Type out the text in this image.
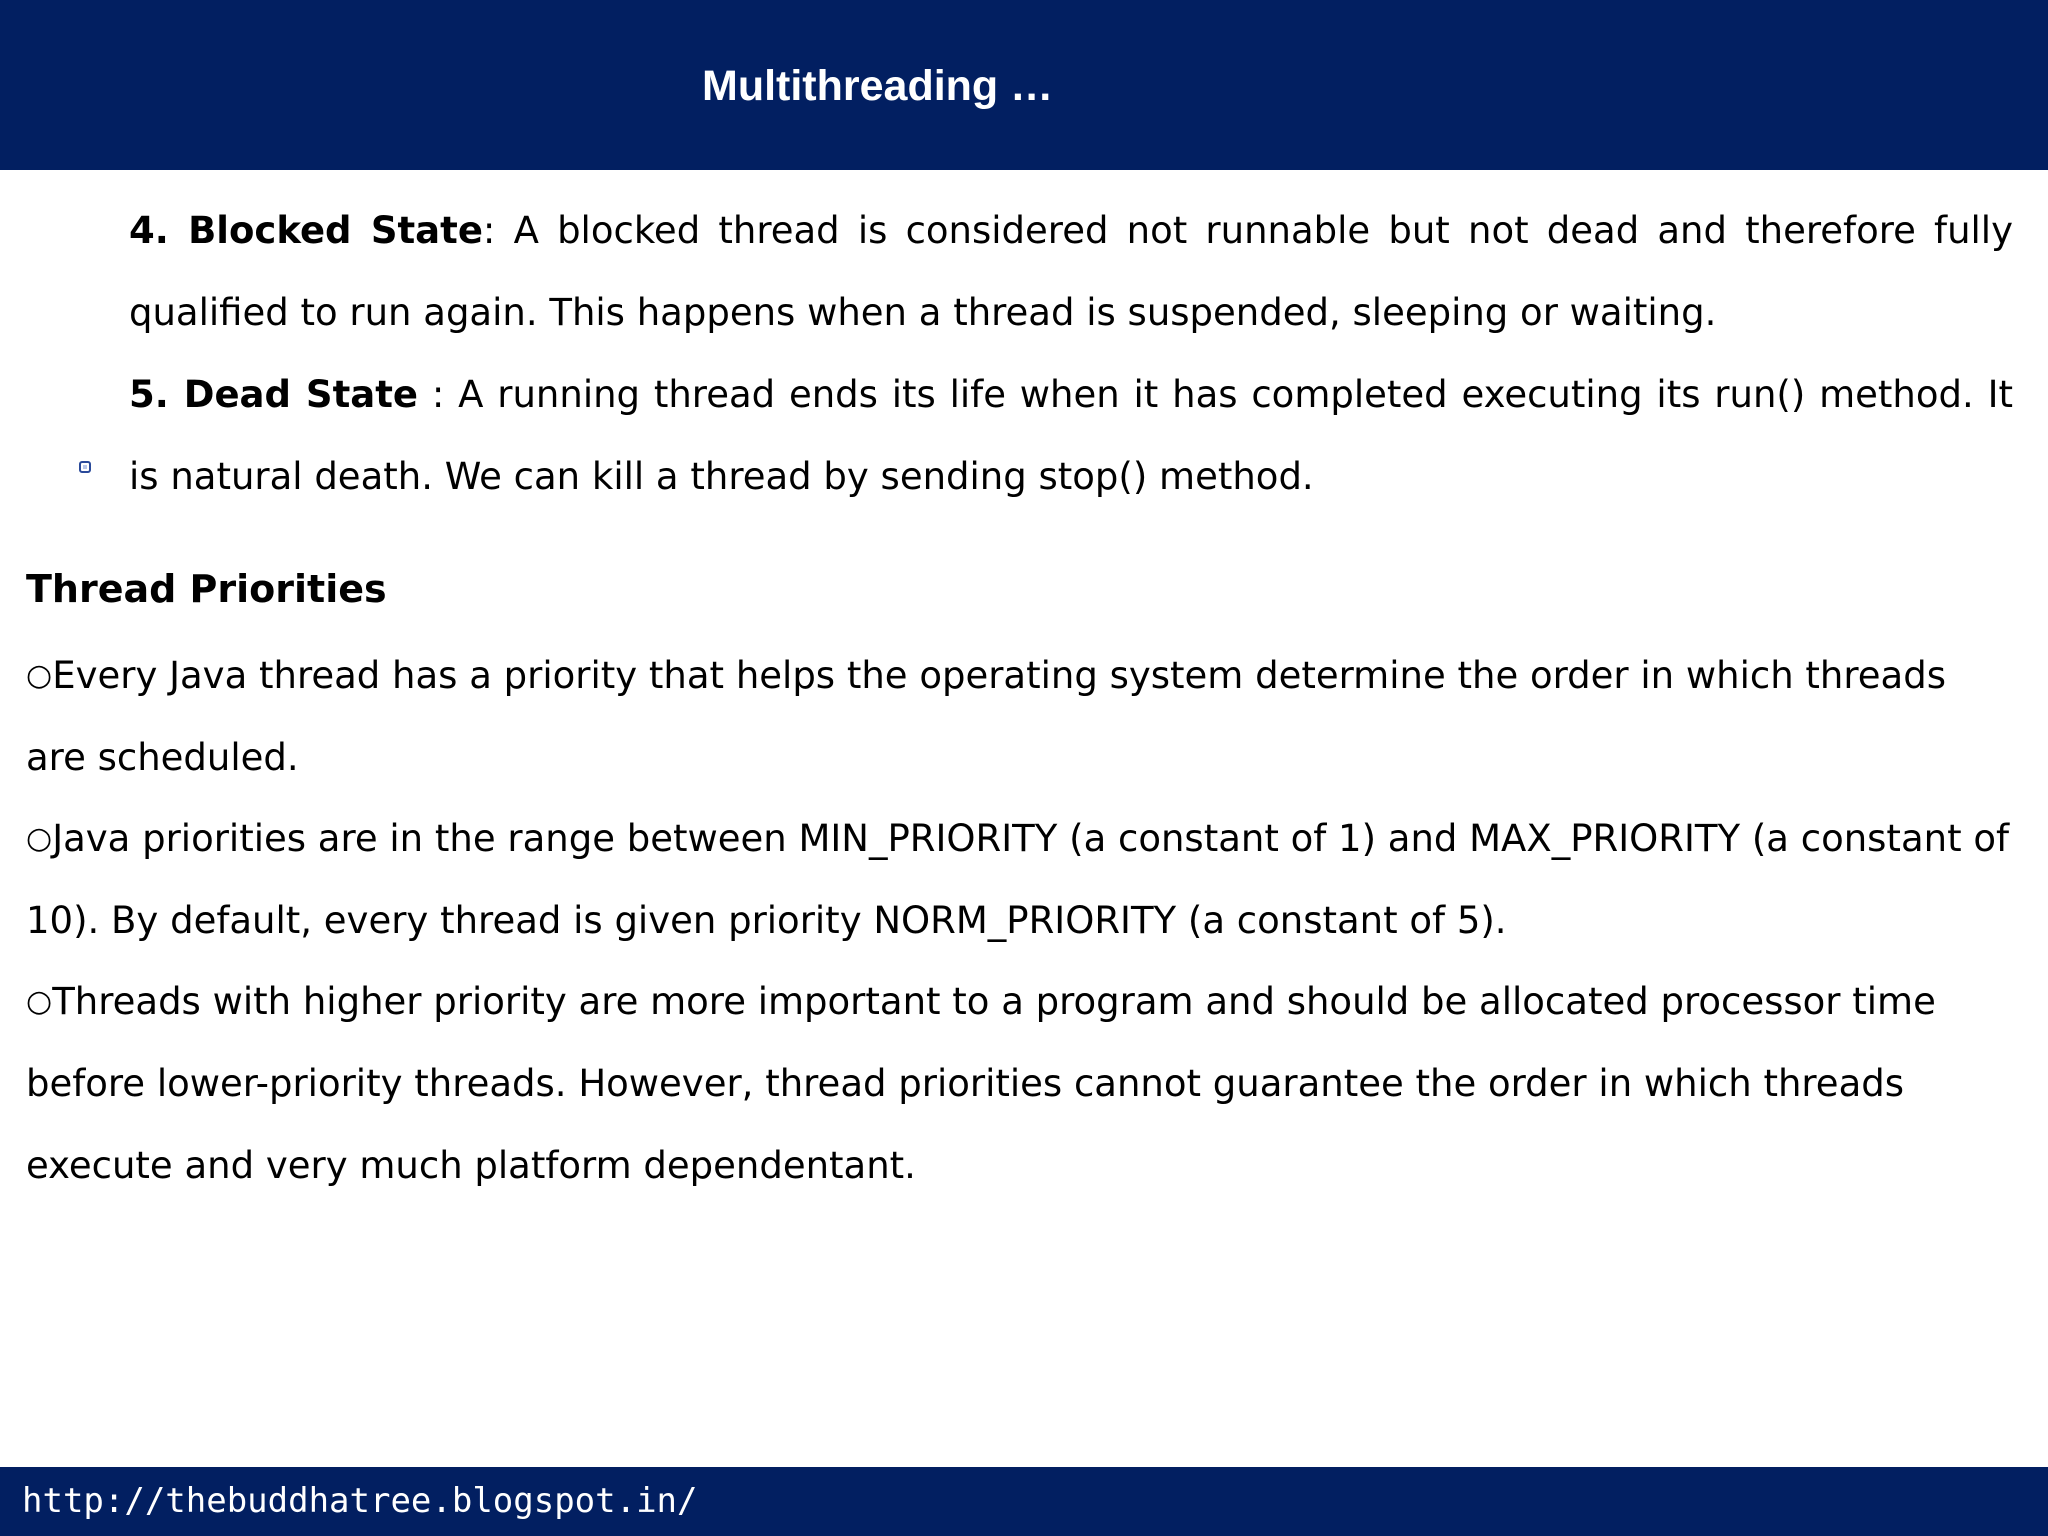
Multithreading …
4. Blocked State: A blocked thread is considered not runnable but not dead and therefore fully qualified to run again. This happens when a thread is suspended, sleeping or waiting.
5. Dead State : A running thread ends its life when it has completed executing its run() method. It is natural death. We can kill a thread by sending stop() method.
Thread Priorities

○Every Java thread has a priority that helps the operating system determine the order in which threads are scheduled.

○Java priorities are in the range between MIN_PRIORITY (a constant of 1) and MAX_PRIORITY (a constant of 10). By default, every thread is given priority NORM_PRIORITY (a constant of 5).

○Threads with higher priority are more important to a program and should be allocated processor time before lower-priority threads. However, thread priorities cannot guarantee the order in which threads execute and very much platform dependentant.

http://thebuddhatree.blogspot.in/
